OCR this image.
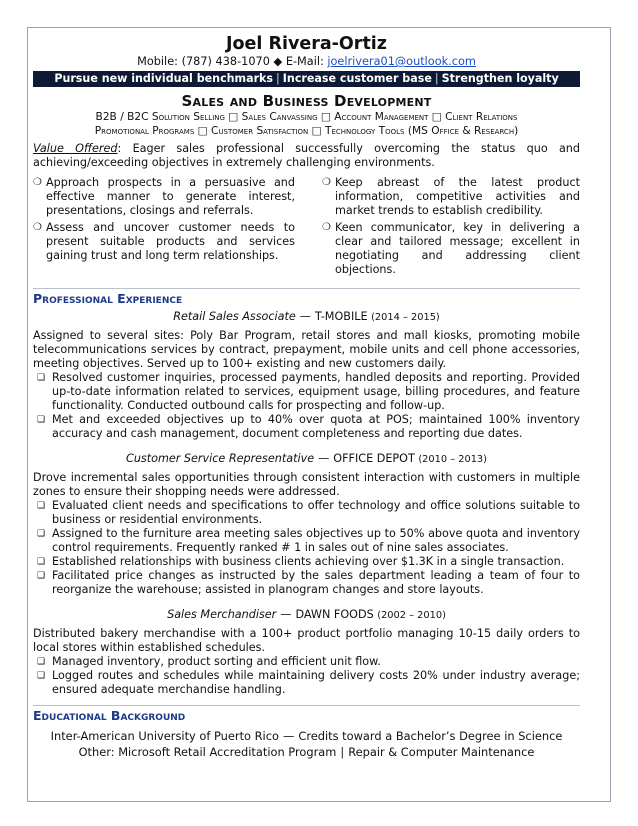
Joel Rivera-Ortiz
Mobile: (787) 438-1070 ◆ E-Mail: joelrivera01@outlook.com
Pursue new individual benchmarks | Increase customer base | Strengthen loyalty
Sales and Business Development
B2B / B2C Solution Selling □ Sales Canvassing □ Account Management □ Client Relations
Promotional Programs □ Customer Satisfaction □ Technology Tools (MS Office & Research)
Value Offered: Eager sales professional successfully overcoming the status quo and achieving/exceeding objectives in extremely challenging environments.
❍ Approach prospects in a persuasive and effective manner to generate interest, presentations, closings and referrals.
❍ Assess and uncover customer needs to present suitable products and services gaining trust and long term relationships.
❍ Keep abreast of the latest product information, competitive activities and market trends to establish credibility.
❍ Keen communicator, key in delivering a clear and tailored message; excellent in negotiating and addressing client objections.
Professional Experience
Retail Sales Associate — T-MOBILE (2014 – 2015)
Assigned to several sites: Poly Bar Program, retail stores and mall kiosks, promoting mobile telecommunications services by contract, prepayment, mobile units and cell phone accessories, meeting objectives. Served up to 100+ existing and new customers daily.
❑ Resolved customer inquiries, processed payments, handled deposits and reporting. Provided up-to-date information related to services, equipment usage, billing procedures, and feature functionality. Conducted outbound calls for prospecting and follow-up.
❑ Met and exceeded objectives up to 40% over quota at POS; maintained 100% inventory accuracy and cash management, document completeness and reporting due dates.
Customer Service Representative — OFFICE DEPOT (2010 – 2013)
Drove incremental sales opportunities through consistent interaction with customers in multiple zones to ensure their shopping needs were addressed.
❑ Evaluated client needs and specifications to offer technology and office solutions suitable to business or residential environments.
❑ Assigned to the furniture area meeting sales objectives up to 50% above quota and inventory control requirements. Frequently ranked # 1 in sales out of nine sales associates.
❑ Established relationships with business clients achieving over $1.3K in a single transaction.
❑ Facilitated price changes as instructed by the sales department leading a team of four to reorganize the warehouse; assisted in planogram changes and store layouts.
Sales Merchandiser — DAWN FOODS (2002 – 2010)
Distributed bakery merchandise with a 100+ product portfolio managing 10-15 daily orders to local stores within established schedules.
❑ Managed inventory, product sorting and efficient unit flow.
❑ Logged routes and schedules while maintaining delivery costs 20% under industry average; ensured adequate merchandise handling.
Educational Background
Inter-American University of Puerto Rico — Credits toward a Bachelor’s Degree in Science
Other: Microsoft Retail Accreditation Program | Repair & Computer Maintenance
